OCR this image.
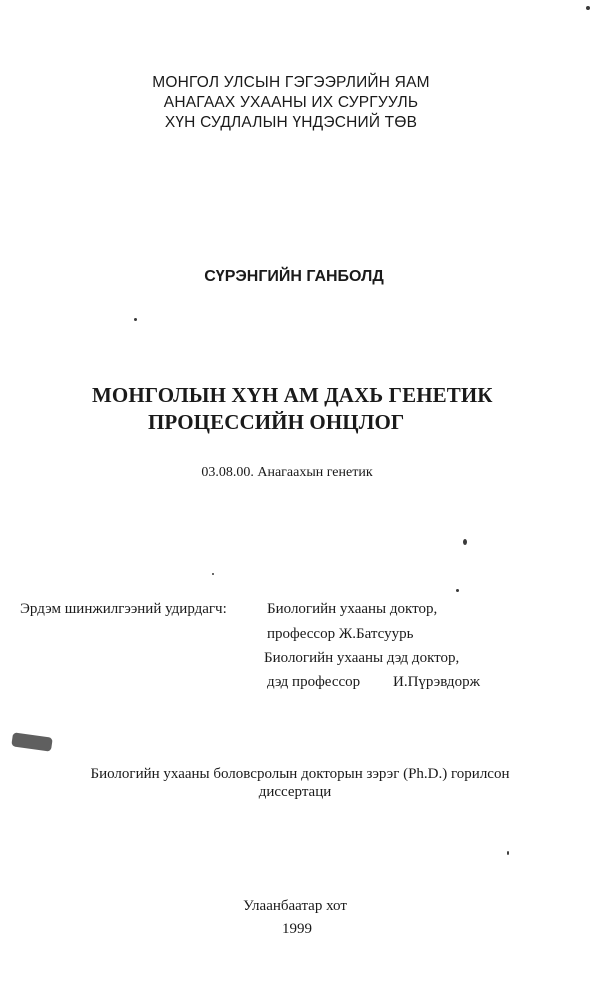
МОНГОЛ УЛСЫН ГЭГЭЭРЛИЙН ЯАМ
АНАГААХ УХААНЫ ИХ СУРГУУЛЬ
ХҮН СУДЛАЛЫН ҮНДЭСНИЙ ТӨВ
СҮРЭНГИЙН ГАНБОЛД
МОНГОЛЫН ХҮН АМ ДАХЬ ГЕНЕТИК
ПРОЦЕССИЙН ОНЦЛОГ
03.08.00. Анагаахын генетик
Эрдэм шинжилгээний удирдагч:	Биологийн ухааны доктор,
профессор Ж.Батсуурь
Биологийн ухааны дэд доктор,
дэд профессор И.Пүрэвдорж
Биологийн ухааны боловсролын докторын зэрэг (Ph.D.) горилсон
диссертаци
Улаанбаатар хот
1999
